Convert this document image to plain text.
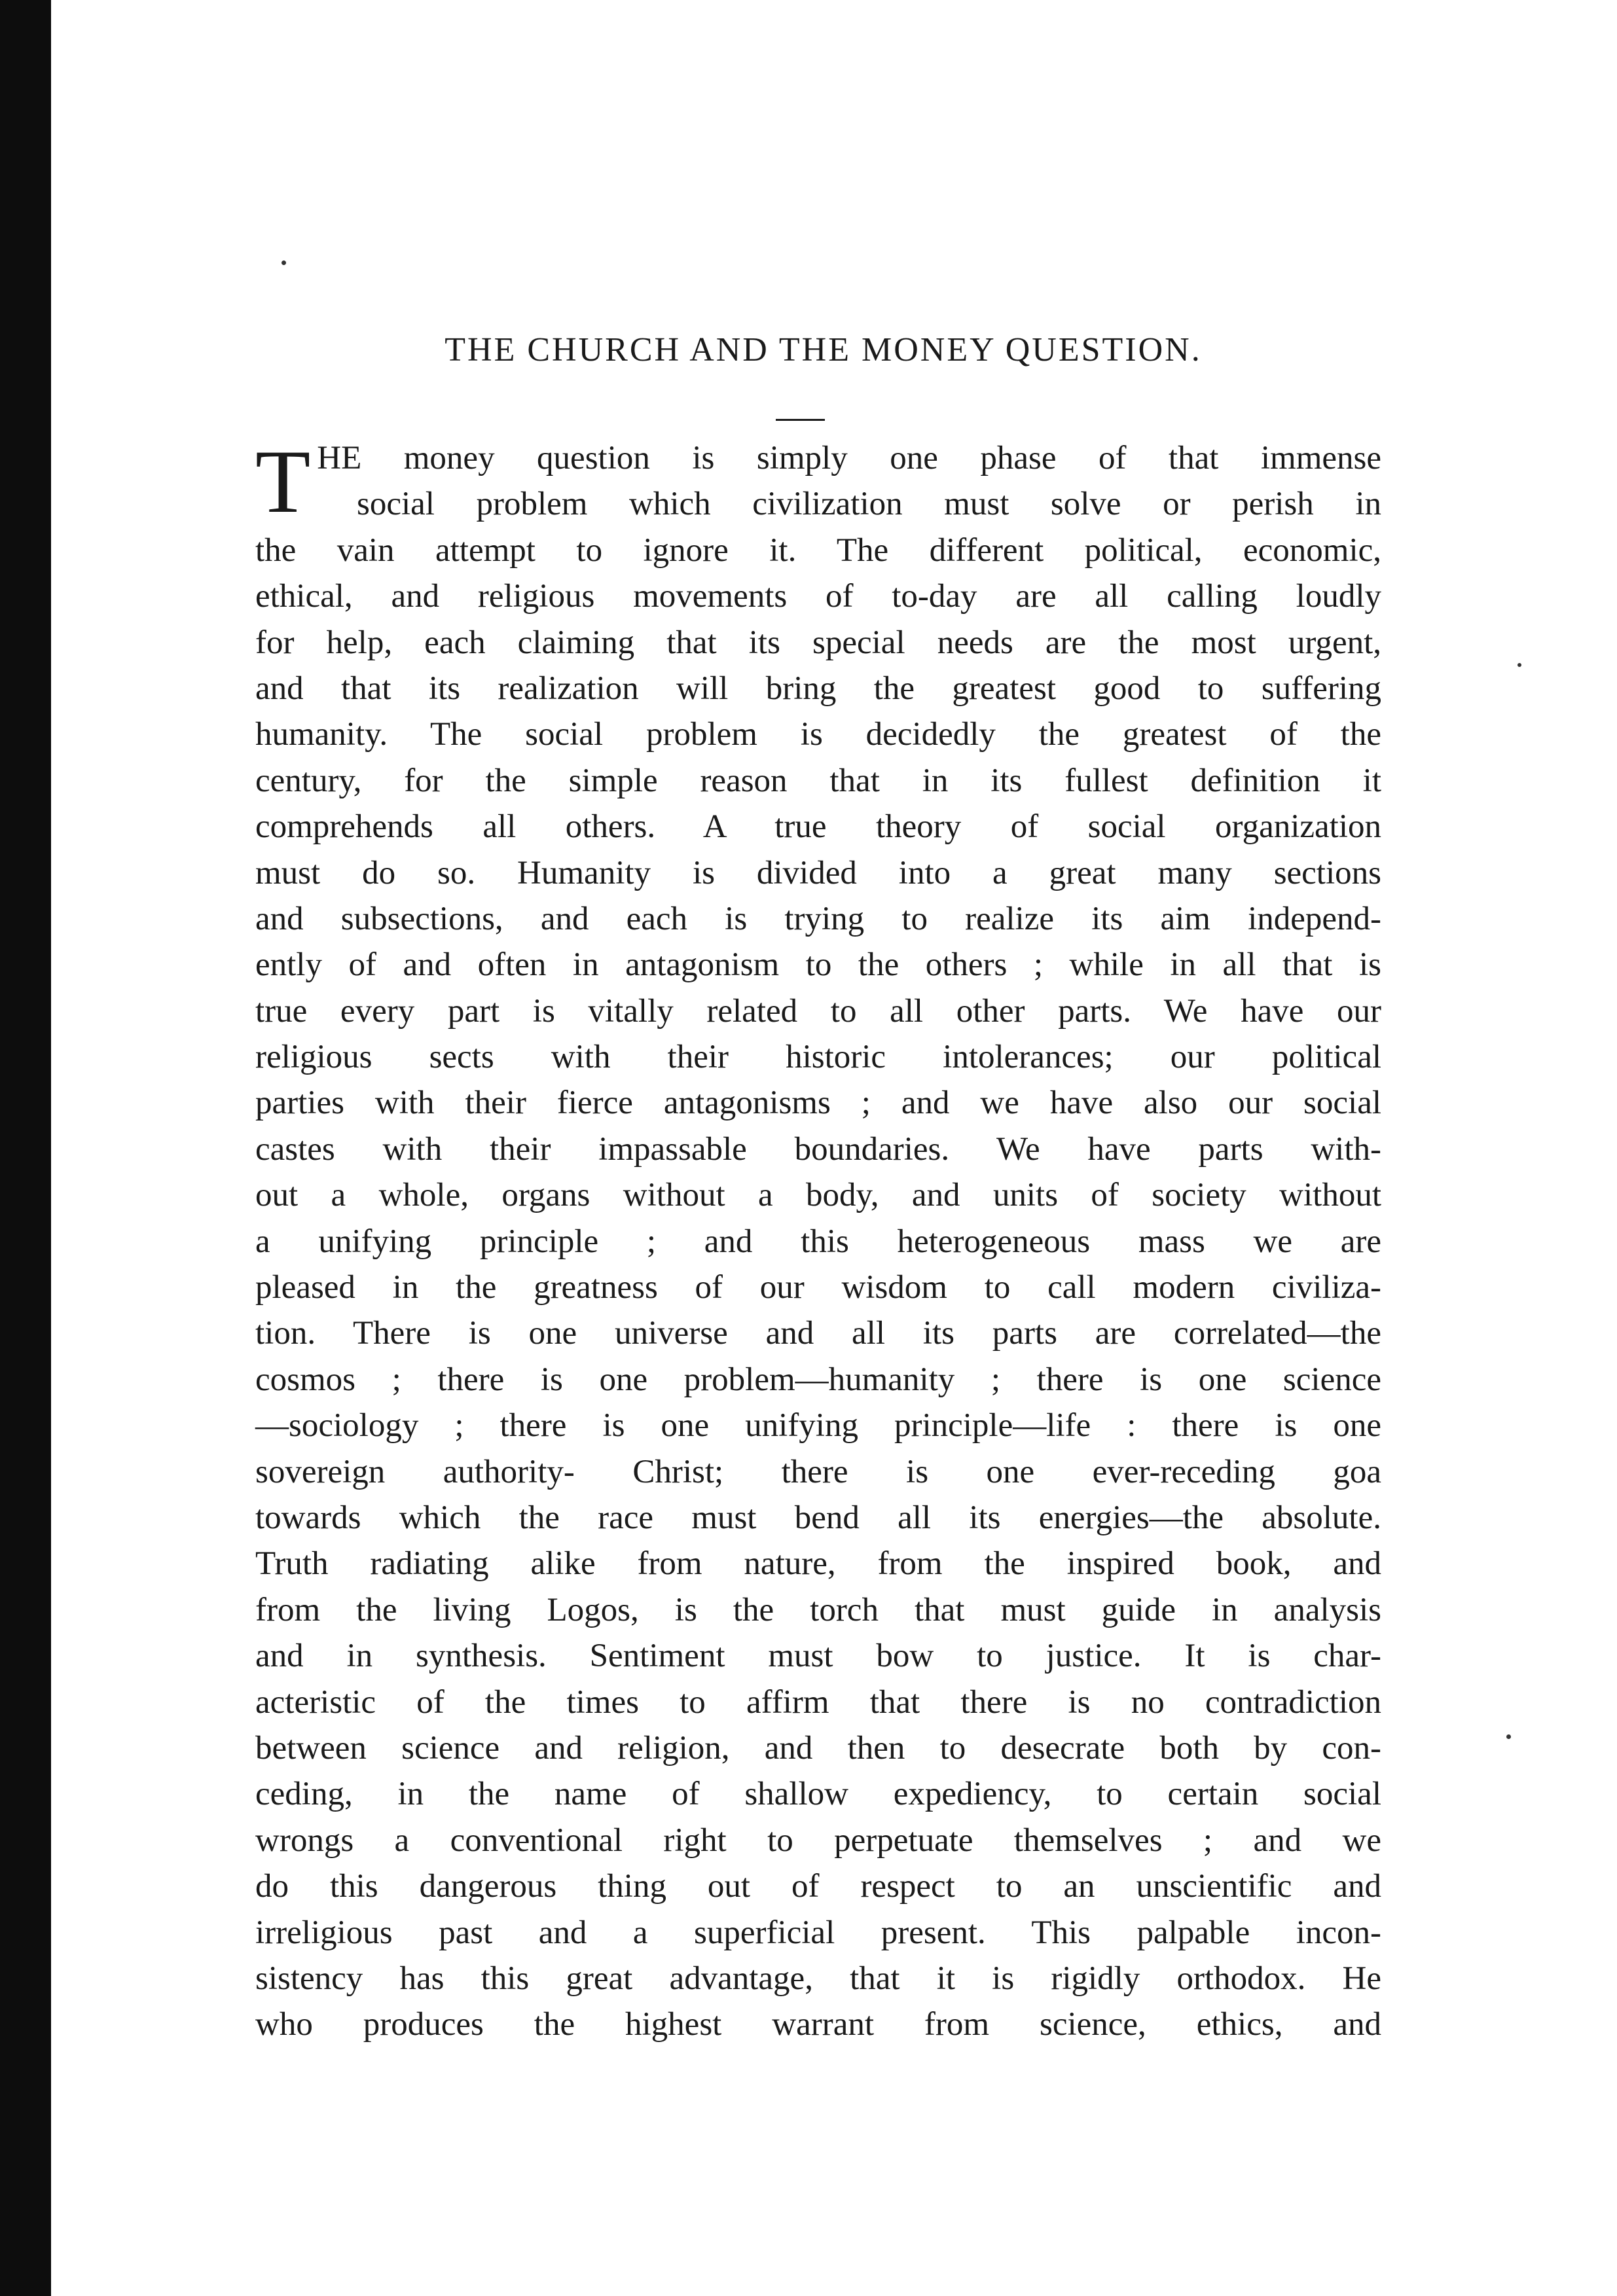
THE CHURCH AND THE MONEY QUESTION.
T HE money question is simply one phase of that immense
social problem which civilization must solve or perish in
the vain attempt to ignore it. The different political, economic,
ethical, and religious movements of to-day are all calling loudly
for help, each claiming that its special needs are the most urgent,
and that its realization will bring the greatest good to suffering
humanity. The social problem is decidedly the greatest of the
century, for the simple reason that in its fullest definition it
comprehends all others. A true theory of social organization
must do so. Humanity is divided into a great many sections
and subsections, and each is trying to realize its aim independ-
ently of and often in antagonism to the others ; while in all that is
true every part is vitally related to all other parts. We have our
religious sects with their historic intolerances; our political
parties with their fierce antagonisms ; and we have also our social
castes with their impassable boundaries. We have parts with-
out a whole, organs without a body, and units of society without
a unifying principle ; and this heterogeneous mass we are
pleased in the greatness of our wisdom to call modern civiliza-
tion. There is one universe and all its parts are correlated—the
cosmos ; there is one problem—humanity ; there is one science
—sociology ; there is one unifying principle—life : there is one
sovereign authority- Christ; there is one ever-receding goa
towards which the race must bend all its energies—the absolute.
Truth radiating alike from nature, from the inspired book, and
from the living Logos, is the torch that must guide in analysis
and in synthesis. Sentiment must bow to justice. It is char-
acteristic of the times to affirm that there is no contradiction
between science and religion, and then to desecrate both by con-
ceding, in the name of shallow expediency, to certain social
wrongs a conventional right to perpetuate themselves ; and we
do this dangerous thing out of respect to an unscientific and
irreligious past and a superficial present. This palpable incon-
sistency has this great advantage, that it is rigidly orthodox. He
who produces the highest warrant from science, ethics, and
